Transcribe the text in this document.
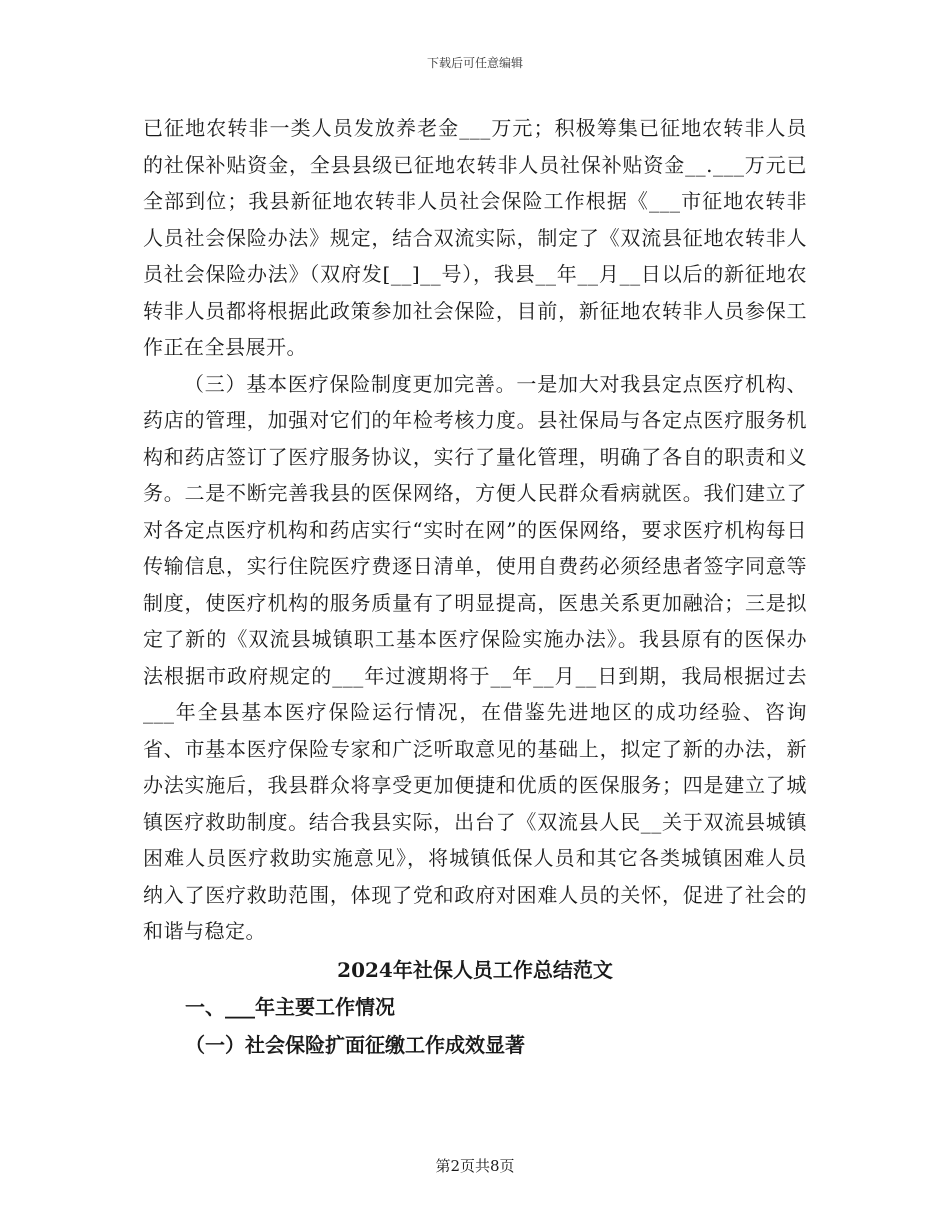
下载后可任意编辑

已征地农转非一类人员发放养老金___万元；积极筹集已征地农转非人员的社保补贴资金，全县县级已征地农转非人员社保补贴资金__.___万元已全部到位；我县新征地农转非人员社会保险工作根据《___市征地农转非人员社会保险办法》规定，结合双流实际，制定了《双流县征地农转非人员社会保险办法》（双府发[__]__号），我县__年__月__日以后的新征地农转非人员都将根据此政策参加社会保险，目前，新征地农转非人员参保工作正在全县展开。

（三）基本医疗保险制度更加完善。一是加大对我县定点医疗机构、药店的管理，加强对它们的年检考核力度。县社保局与各定点医疗服务机构和药店签订了医疗服务协议，实行了量化管理，明确了各自的职责和义务。二是不断完善我县的医保网络，方便人民群众看病就医。我们建立了对各定点医疗机构和药店实行“实时在网”的医保网络，要求医疗机构每日传输信息，实行住院医疗费逐日清单，使用自费药必须经患者签字同意等制度，使医疗机构的服务质量有了明显提高，医患关系更加融洽；三是拟定了新的《双流县城镇职工基本医疗保险实施办法》。我县原有的医保办法根据市政府规定的___年过渡期将于__年__月__日到期，我局根据过去___年全县基本医疗保险运行情况，在借鉴先进地区的成功经验、咨询省、市基本医疗保险专家和广泛听取意见的基础上，拟定了新的办法，新办法实施后，我县群众将享受更加便捷和优质的医保服务；四是建立了城镇医疗救助制度。结合我县实际，出台了《双流县人民__关于双流县城镇困难人员医疗救助实施意见》，将城镇低保人员和其它各类城镇困难人员纳入了医疗救助范围，体现了党和政府对困难人员的关怀，促进了社会的和谐与稳定。

2024年社保人员工作总结范文
一、___年主要工作情况
（一）社会保险扩面征缴工作成效显著
第2页共8页
